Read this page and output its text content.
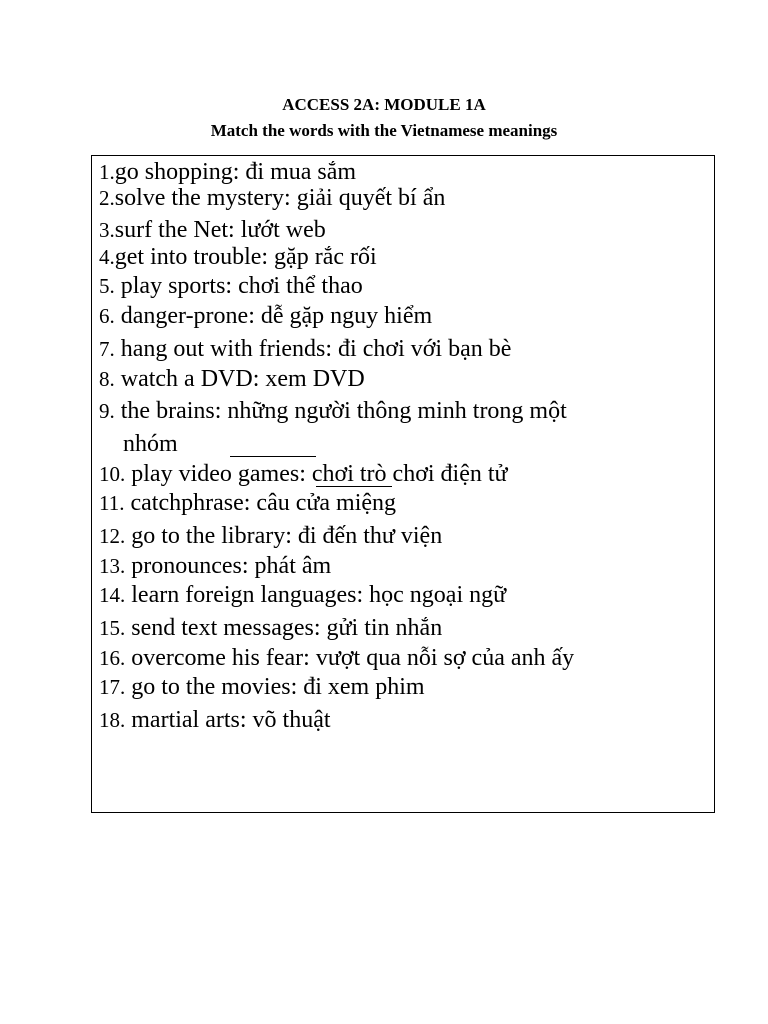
ACCESS 2A: MODULE 1A
Match the words with the Vietnamese meanings
1.go shopping: đi mua sắm
2.solve the mystery: giải quyết bí ẩn
3.surf the Net: lướt web
4.get into trouble: gặp rắc rối
5. play sports: chơi thể thao
6. danger-prone: dễ gặp nguy hiểm
7. hang out with friends: đi chơi với bạn bè
8. watch a DVD: xem DVD
9. the brains: những người thông minh trong một
nhóm
10. play video games: chơi trò chơi điện tử
11. catchphrase: câu cửa miệng
12. go to the library: đi đến thư viện
13. pronounces: phát âm
14. learn foreign languages: học ngoại ngữ
15. send text messages: gửi tin nhắn
16. overcome his fear: vượt qua nỗi sợ của anh ấy
17. go to the movies: đi xem phim
18. martial arts: võ thuật
